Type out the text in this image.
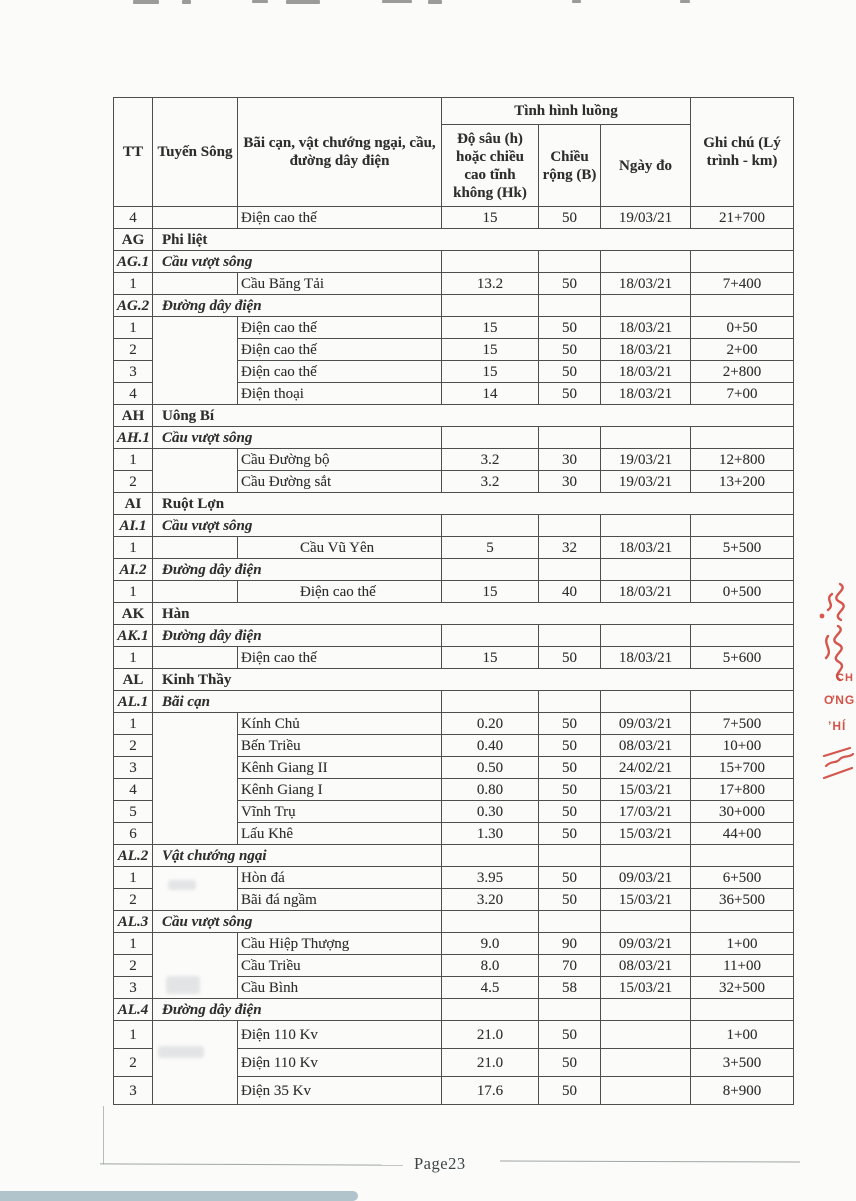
TT	Tuyến Sông	Bãi cạn, vật chướng ngại, cầu, đường dây điện	Tình hình luồng			Ghi chú (Lý trình - km)
			Độ sâu (h) hoặc chiều cao tĩnh không (Hk)	Chiều rộng (B)	Ngày đo	
4		Điện cao thế	15	50	19/03/21	21+700
AG	Phi liệt					
AG.1	Cầu vượt sông					
1		Cầu Băng Tải	13.2	50	18/03/21	7+400
AG.2	Đường dây điện					
1		Điện cao thế	15	50	18/03/21	0+50
2		Điện cao thế	15	50	18/03/21	2+00
3		Điện cao thế	15	50	18/03/21	2+800
4		Điện thoại	14	50	18/03/21	7+00
AH	Uông Bí					
AH.1	Cầu vượt sông					
1		Cầu Đường bộ	3.2	30	19/03/21	12+800
2		Cầu Đường sắt	3.2	30	19/03/21	13+200
AI	Ruột Lợn					
AI.1	Cầu vượt sông					
1		Cầu Vũ Yên	5	32	18/03/21	5+500
AI.2	Đường dây điện					
1		Điện cao thế	15	40	18/03/21	0+500
AK	Hàn					
AK.1	Đường dây điện					
1		Điện cao thế	15	50	18/03/21	5+600
AL	Kinh Thầy					
AL.1	Bãi cạn					
1		Kính Chủ	0.20	50	09/03/21	7+500
2		Bến Triều	0.40	50	08/03/21	10+00
3		Kênh Giang II	0.50	50	24/02/21	15+700
4		Kênh Giang I	0.80	50	15/03/21	17+800
5		Vĩnh Trụ	0.30	50	17/03/21	30+000
6		Lấu Khê	1.30	50	15/03/21	44+00
AL.2	Vật chướng ngại					
1		Hòn đá	3.95	50	09/03/21	6+500
2		Bãi đá ngầm	3.20	50	15/03/21	36+500
AL.3	Cầu vượt sông					
1		Cầu Hiệp Thượng	9.0	90	09/03/21	1+00
2		Cầu Triều	8.0	70	08/03/21	11+00
3		Cầu Bình	4.5	58	15/03/21	32+500
AL.4	Đường dây điện					
1		Điện 110 Kv	21.0	50		1+00
2		Điện 110 Kv	21.0	50		3+500
3		Điện 35 Kv	17.6	50		8+900
CH
ƠNG
ʼHÍ
Page23
